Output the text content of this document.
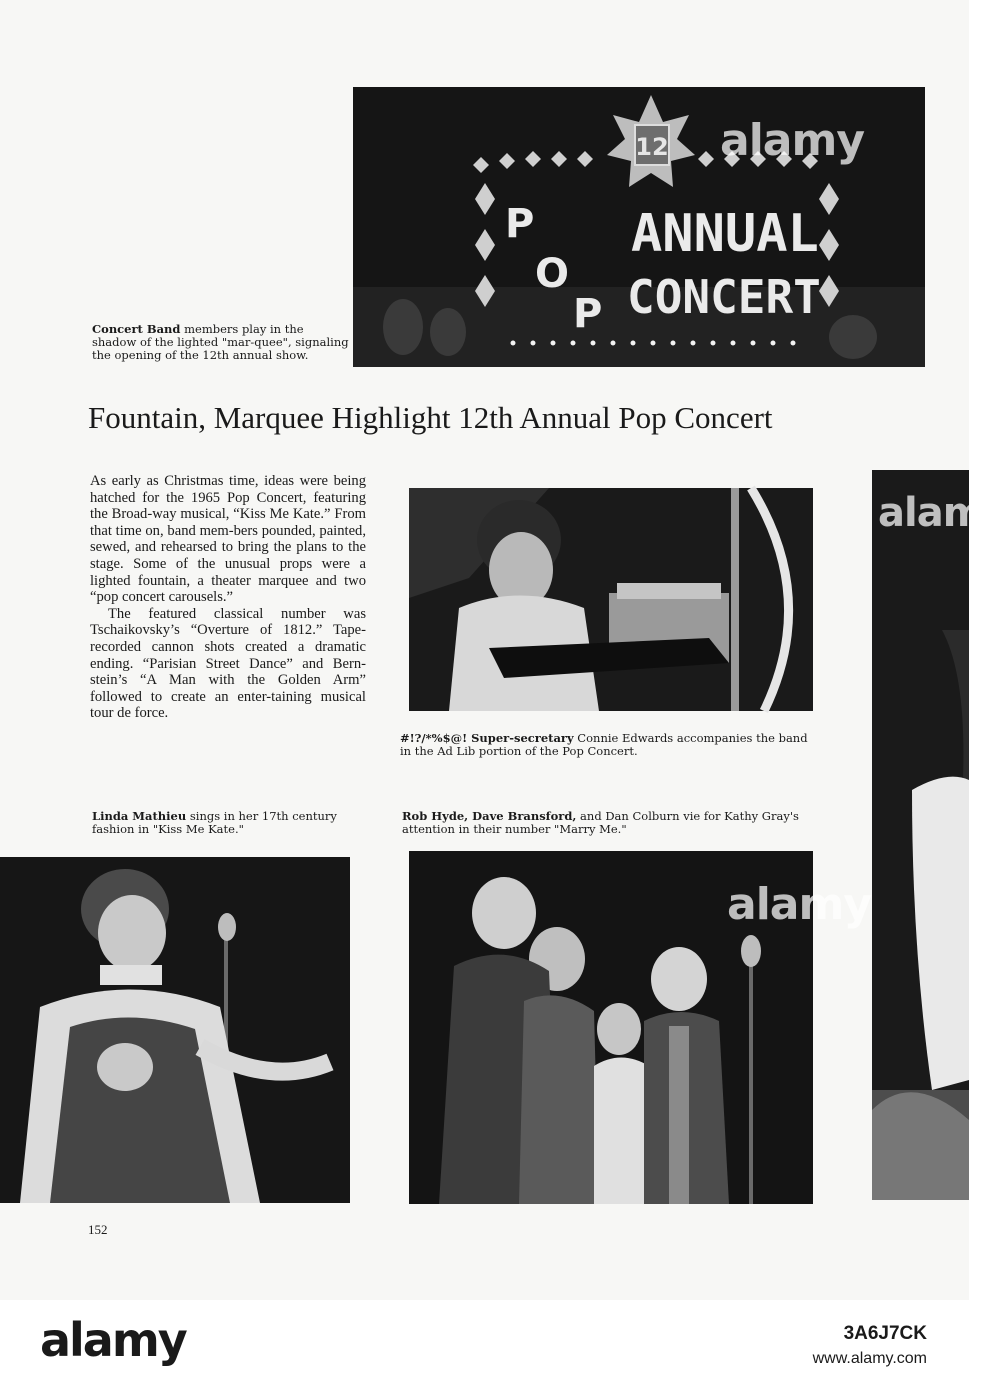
12
P
O
P
ANNUAL
CONCERT
alamy
Concert Band members play in the shadow of the lighted "mar-quee", signaling the opening of the 12th annual show.
Fountain, Marquee Highlight 12th Annual Pop Concert

As early as Christmas time, ideas were being hatched for the 1965 Pop Concert, featuring the Broad-way musical, “Kiss Me Kate.” From that time on, band mem-bers pounded, painted, sewed, and rehearsed to bring the plans to the stage. Some of the unusual props were a lighted fountain, a theater marquee and two “pop concert carousels.”

The featured classical number was Tschaikovsky’s “Overture of 1812.” Tape-recorded cannon shots created a dramatic ending. “Parisian Street Dance” and Bern-stein’s “A Man with the Golden Arm” followed to create an enter-taining musical tour de force.

#!?/*%$@! Super-secretary Connie Edwards accompanies the band in the Ad Lib portion of the Pop Concert.
alamy
Linda Mathieu sings in her 17th century fashion in "Kiss Me Kate."
Rob Hyde, Dave Bransford, and Dan Colburn vie for Kathy Gray's attention in their number "Marry Me."
alamy
152
alamy	3A6J7CK
www.alamy.com
